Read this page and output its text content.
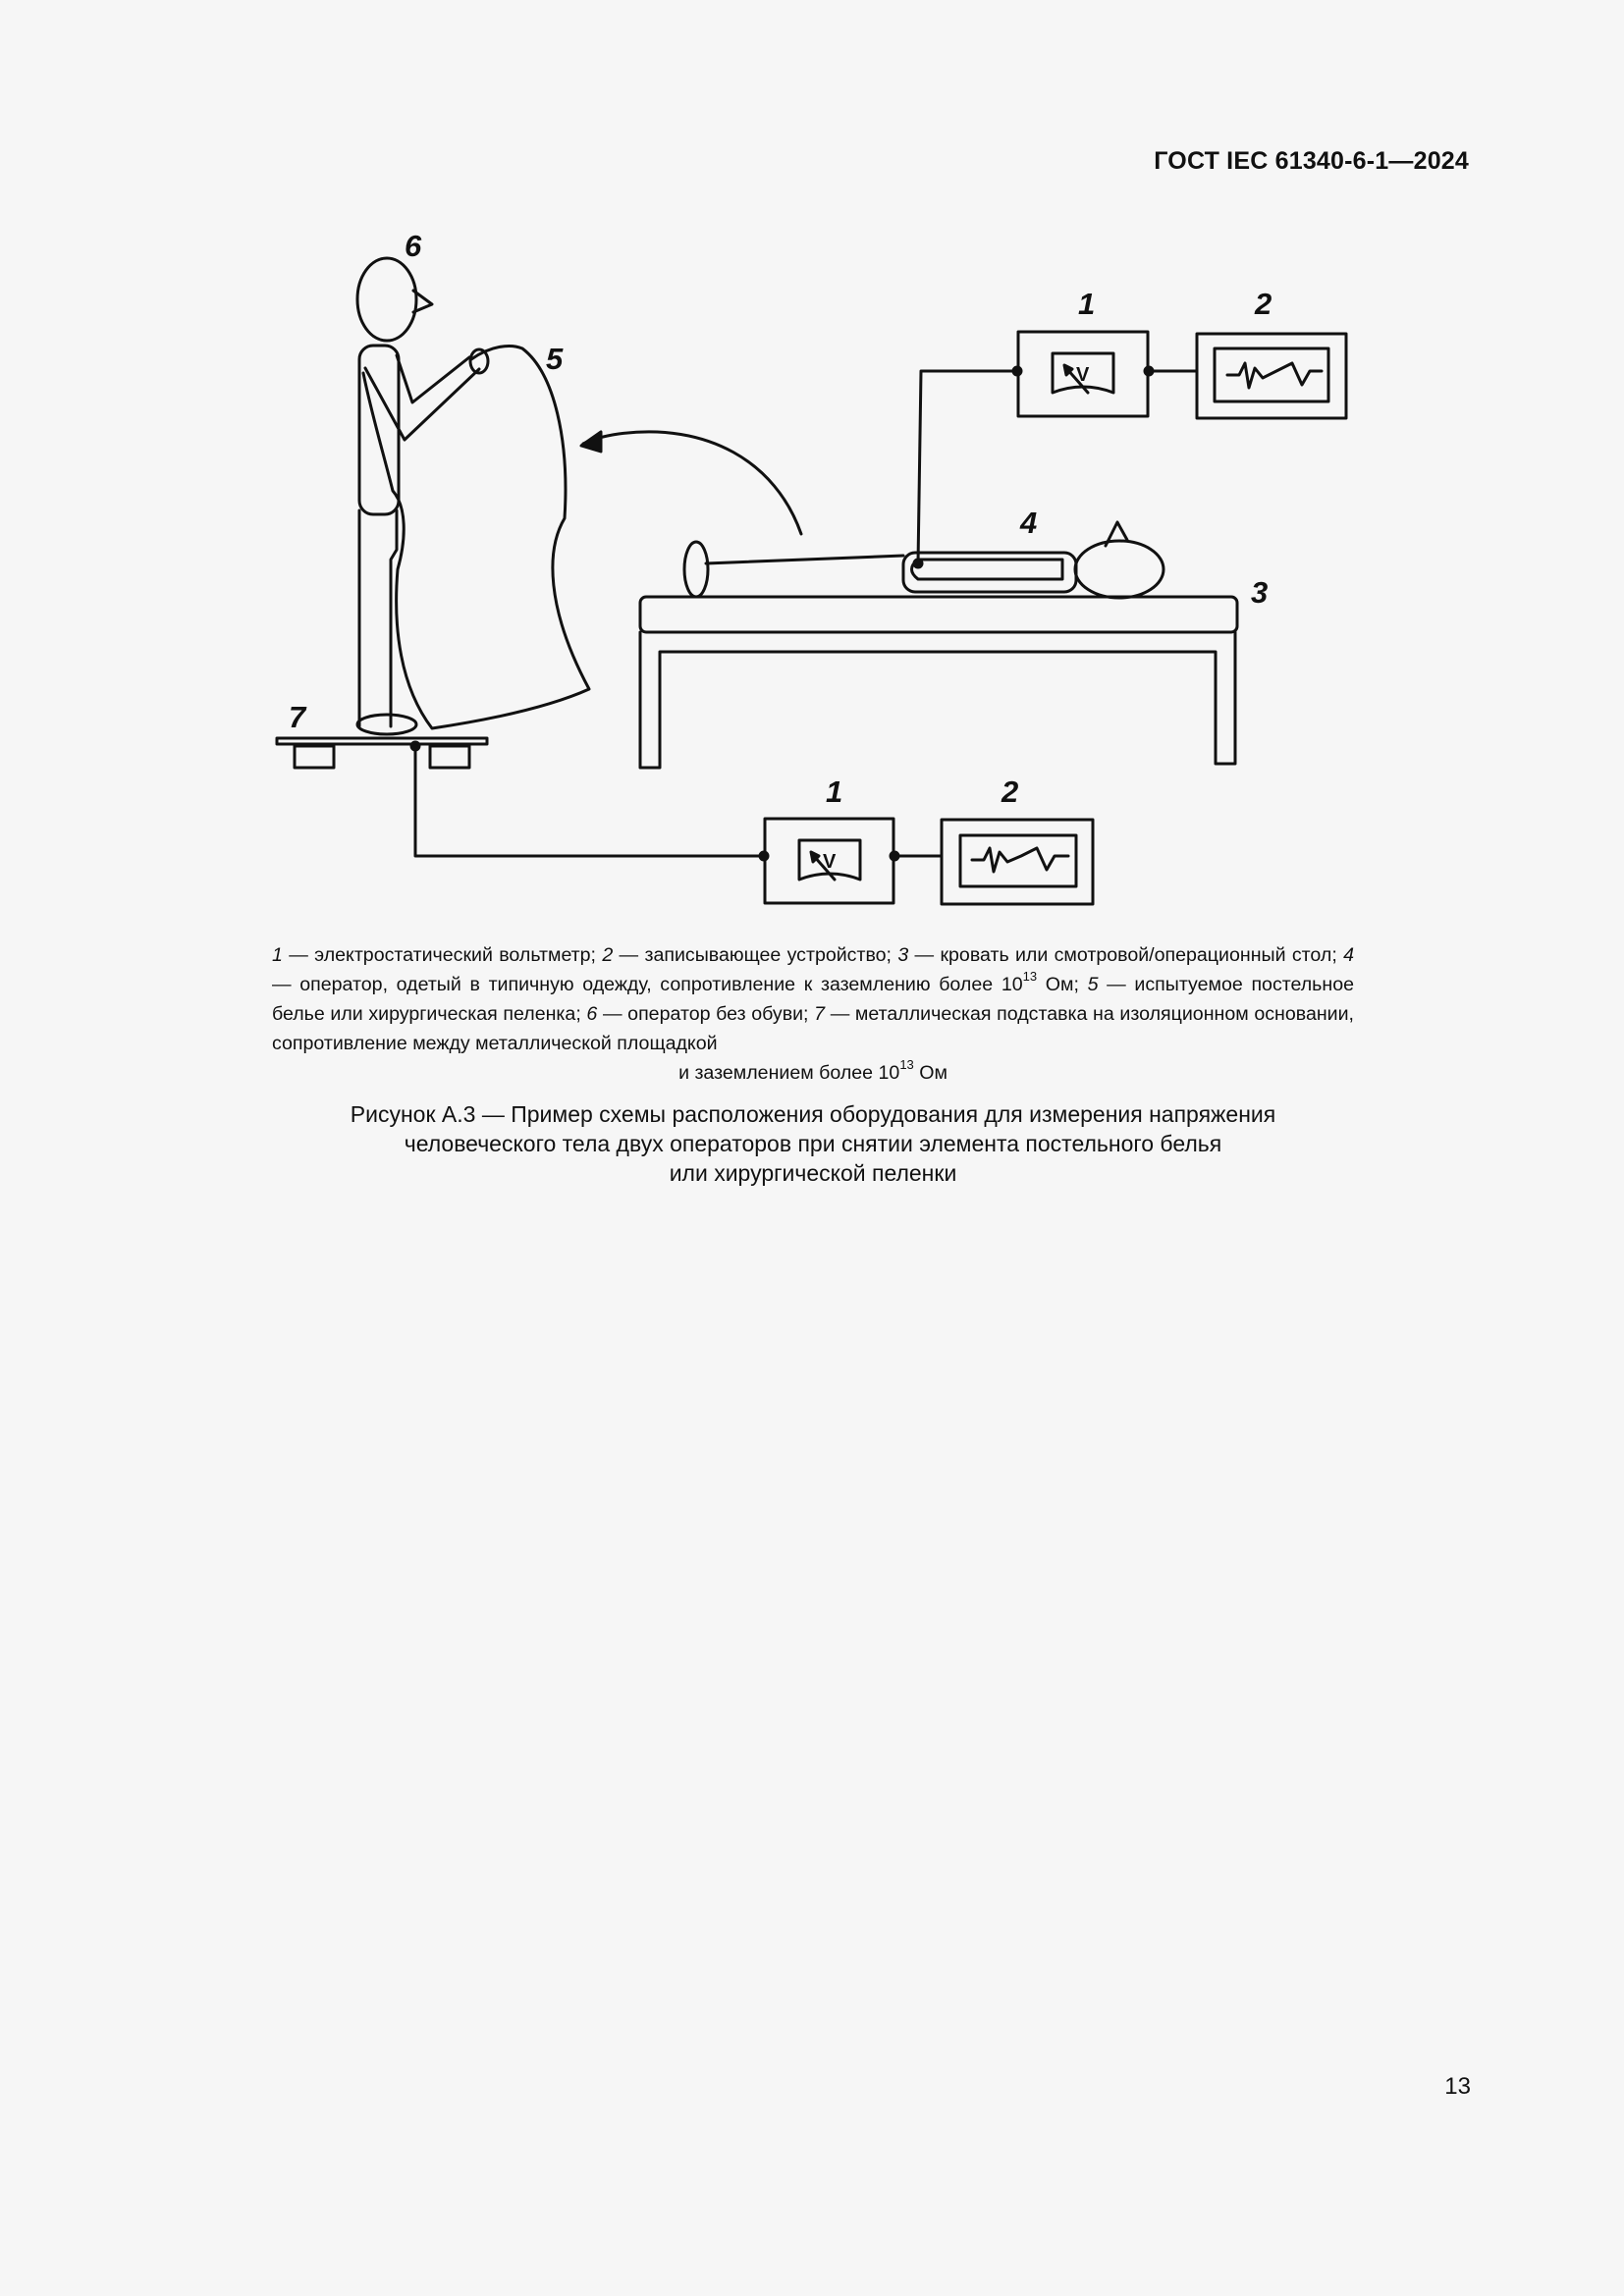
ГОСТ IEC 61340-6-1—2024
V
V
6
5
1	2
4
3
7
1	2
1 — электростатический вольтметр; 2 — записывающее устройство; 3 — кровать или смотровой/операционный стол; 4 — оператор, одетый в типичную одежду, сопротивление к заземлению более $10^{13}$ Ом; 5 — испытуемое постельное белье или хирургическая пеленка; 6 — оператор без обуви; 7 — металлическая подставка на изоляционном основании, сопротивление между металлической площадкой
и заземлением более $10^{13}$ Ом
Рисунок А.3 — Пример схемы расположения оборудования для измерения напряжения
человеческого тела двух операторов при снятии элемента постельного белья
или хирургической пеленки
13
